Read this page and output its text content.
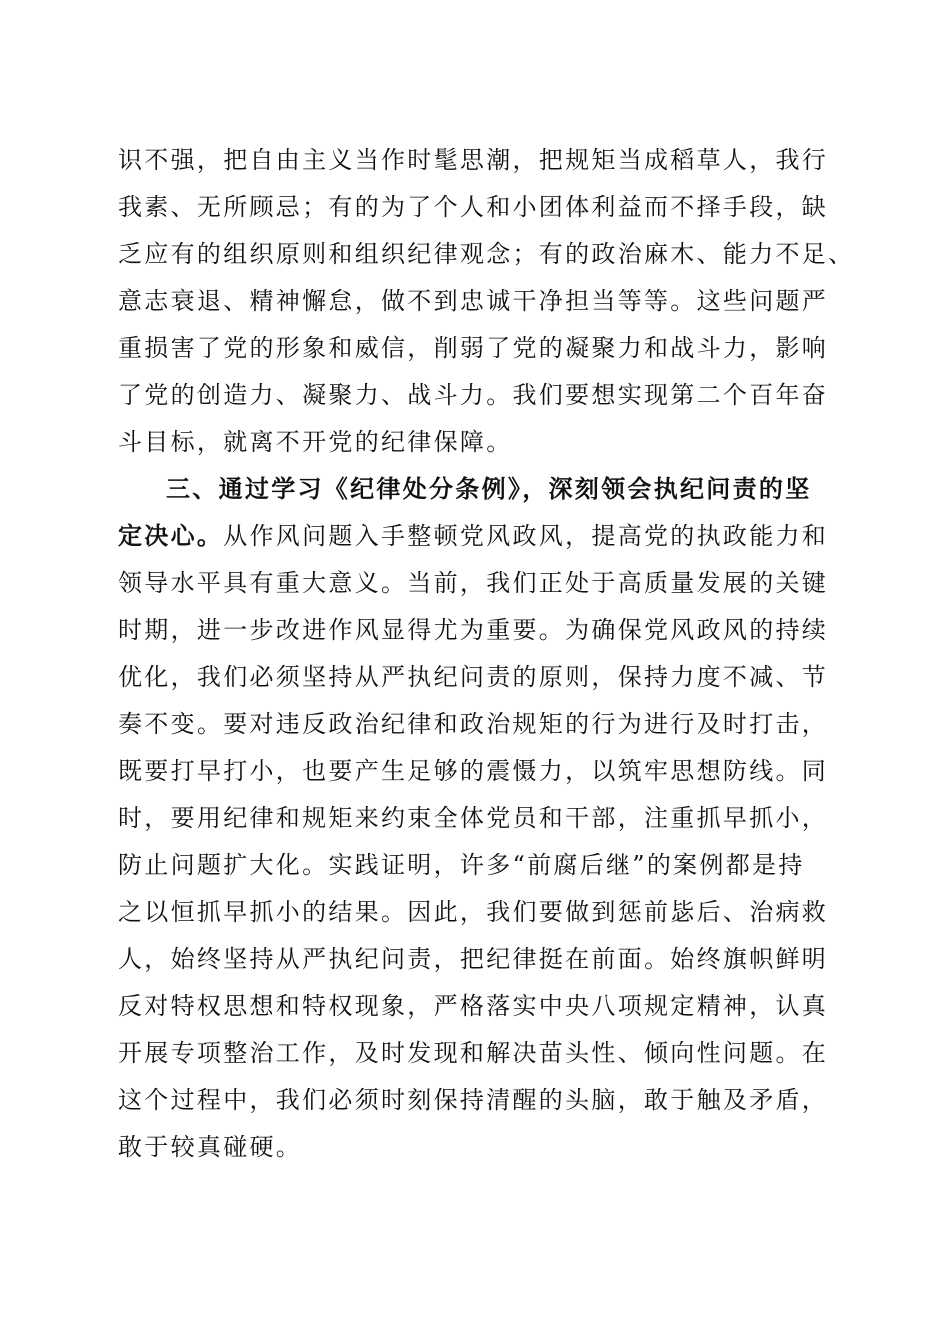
识不强，把自由主义当作时髦思潮，把规矩当成稻草人，我行
我素、无所顾忌；有的为了个人和小团体利益而不择手段，缺
乏应有的组织原则和组织纪律观念；有的政治麻木、能力不足、
意志衰退、精神懈怠，做不到忠诚干净担当等等。这些问题严
重损害了党的形象和威信，削弱了党的凝聚力和战斗力，影响
了党的创造力、凝聚力、战斗力。我们要想实现第二个百年奋
斗目标，就离不开党的纪律保障。
三、通过学习《纪律处分条例》，深刻领会执纪问责的坚
定决心。从作风问题入手整顿党风政风，提高党的执政能力和
领导水平具有重大意义。当前，我们正处于高质量发展的关键
时期，进一步改进作风显得尤为重要。为确保党风政风的持续
优化，我们必须坚持从严执纪问责的原则，保持力度不减、节
奏不变。要对违反政治纪律和政治规矩的行为进行及时打击，
既要打早打小，也要产生足够的震慑力，以筑牢思想防线。同
时，要用纪律和规矩来约束全体党员和干部，注重抓早抓小，
防止问题扩大化。实践证明，许多“前腐后继”的案例都是持
之以恒抓早抓小的结果。因此，我们要做到惩前毖后、治病救
人，始终坚持从严执纪问责，把纪律挺在前面。始终旗帜鲜明
反对特权思想和特权现象，严格落实中央八项规定精神，认真
开展专项整治工作，及时发现和解决苗头性、倾向性问题。在
这个过程中，我们必须时刻保持清醒的头脑，敢于触及矛盾，
敢于较真碰硬。
